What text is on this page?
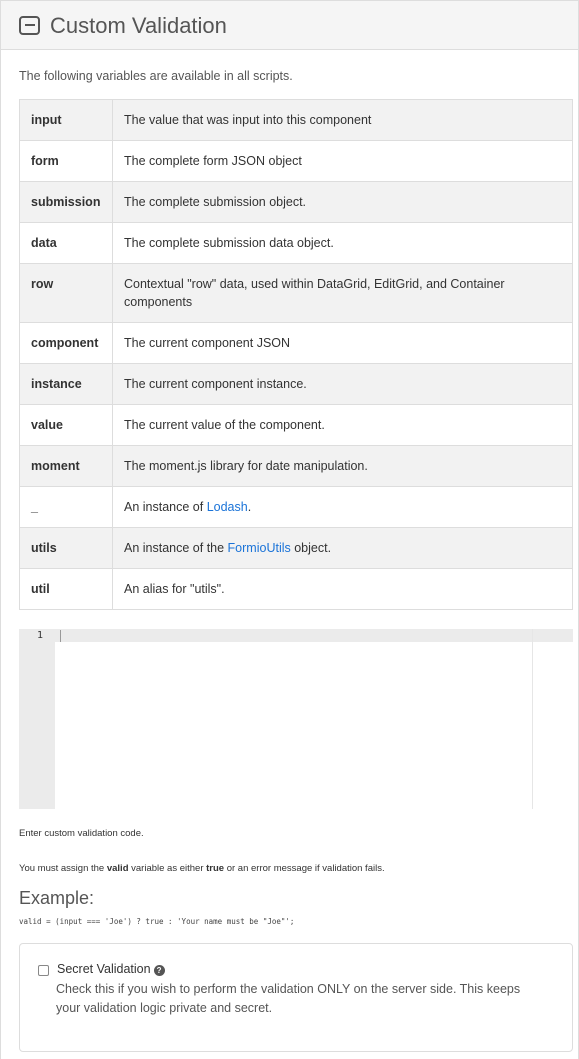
Custom Validation
The following variables are available in all scripts.
input	The value that was input into this component
form	The complete form JSON object
submission	The complete submission object.
data	The complete submission data object.
row	Contextual "row" data, used within DataGrid, EditGrid, and Container components
component	The current component JSON
instance	The current component instance.
value	The current value of the component.
moment	The moment.js library for date manipulation.
_	An instance of Lodash.
utils	An instance of the FormioUtils object.
util	An alias for "utils".
1
Enter custom validation code.
You must assign the valid variable as either true or an error message if validation fails.
Example:
valid = (input === 'Joe') ? true : 'Your name must be "Joe"';
Secret Validation ?
Check this if you wish to perform the validation ONLY on the server side. This keeps your validation logic private and secret.
